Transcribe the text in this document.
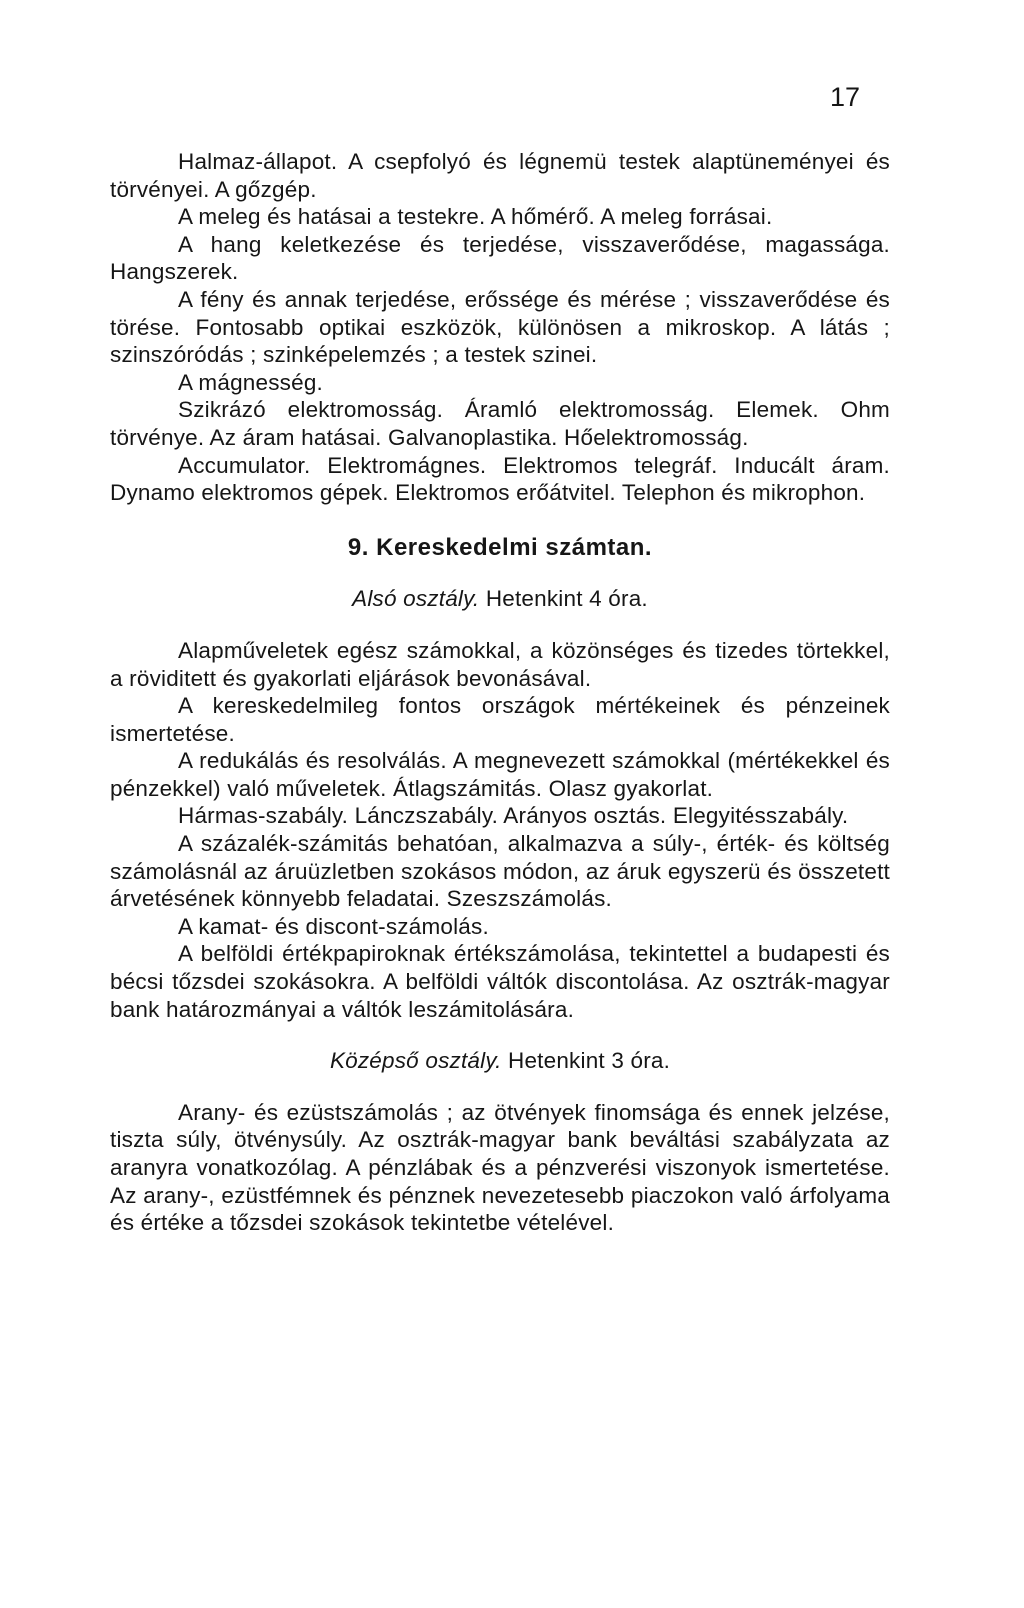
17

Halmaz-állapot. A csepfolyó és légnemü testek alaptüneményei és törvényei. A gőzgép.

A meleg és hatásai a testekre. A hőmérő. A meleg forrásai.

A hang keletkezése és terjedése, visszaverődése, magassága. Hangszerek.

A fény és annak terjedése, erőssége és mérése ; visszaverődése és törése. Fontosabb optikai eszközök, különösen a mikroskop. A látás ; szinszóródás ; szinképelemzés ; a testek szinei.

A mágnesség.

Szikrázó elektromosság. Áramló elektromosság. Elemek. Ohm törvénye. Az áram hatásai. Galvanoplastika. Hőelektromosság.

Accumulator. Elektromágnes. Elektromos telegráf. Inducált áram. Dynamo elektromos gépek. Elektromos erőátvitel. Telephon és mikrophon.

9. Kereskedelmi számtan.
Alsó osztály. Hetenkint 4 óra.

Alapműveletek egész számokkal, a közönséges és tizedes törtekkel, a röviditett és gyakorlati eljárások bevonásával.

A kereskedelmileg fontos országok mértékeinek és pénzeinek ismertetése.

A redukálás és resolválás. A megnevezett számokkal (mértékekkel és pénzekkel) való műveletek. Átlagszámitás. Olasz gyakorlat.

Hármas-szabály. Lánczszabály. Arányos osztás. Elegyitésszabály.

A százalék-számitás behatóan, alkalmazva a súly-, érték- és költség számolásnál az áruüzletben szokásos módon, az áruk egyszerü és összetett árvetésének könnyebb feladatai. Szeszszámolás.

A kamat- és discont-számolás.

A belföldi értékpapiroknak értékszámolása, tekintettel a budapesti és bécsi tőzsdei szokásokra. A belföldi váltók discontolása. Az osztrák-magyar bank határozmányai a váltók leszámitolására.

Középső osztály. Hetenkint 3 óra.

Arany- és ezüstszámolás ; az ötvények finomsága és ennek jelzése, tiszta súly, ötvénysúly. Az osztrák-magyar bank beváltási szabályzata az aranyra vonatkozólag. A pénzlábak és a pénzverési viszonyok ismertetése. Az arany-, ezüstfémnek és pénznek nevezetesebb piaczokon való árfolyama és értéke a tőzsdei szokások tekintetbe vételével.
